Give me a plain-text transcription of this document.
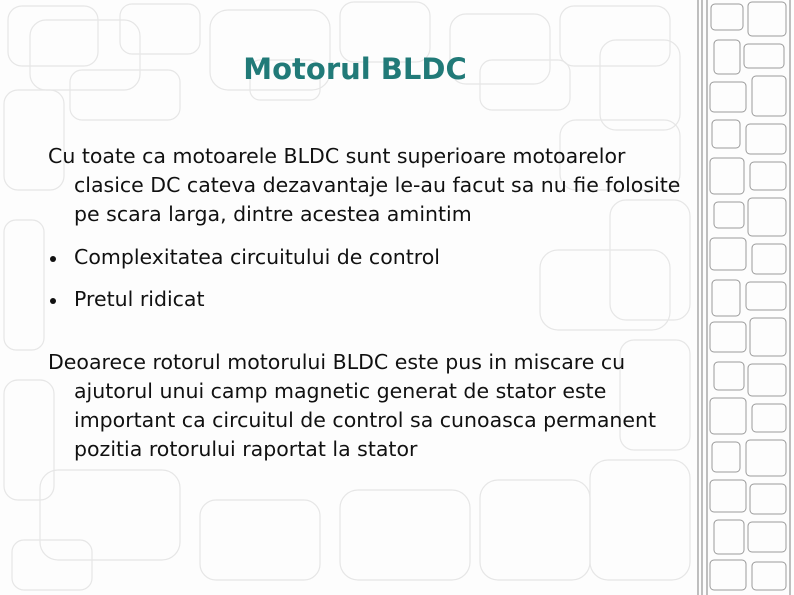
Motorul BLDC

Cu toate ca motoarele BLDC sunt superioare motoarelor clasice DC cateva dezavantaje le-au facut sa nu fie folosite pe scara larga, dintre acestea amintim

Complexitatea circuitului de control
Pretul ridicat

Deoarece rotorul motorului BLDC este pus in miscare cu ajutorul unui camp magnetic generat de stator este important ca circuitul de control sa cunoasca permanent pozitia rotorului raportat la stator
